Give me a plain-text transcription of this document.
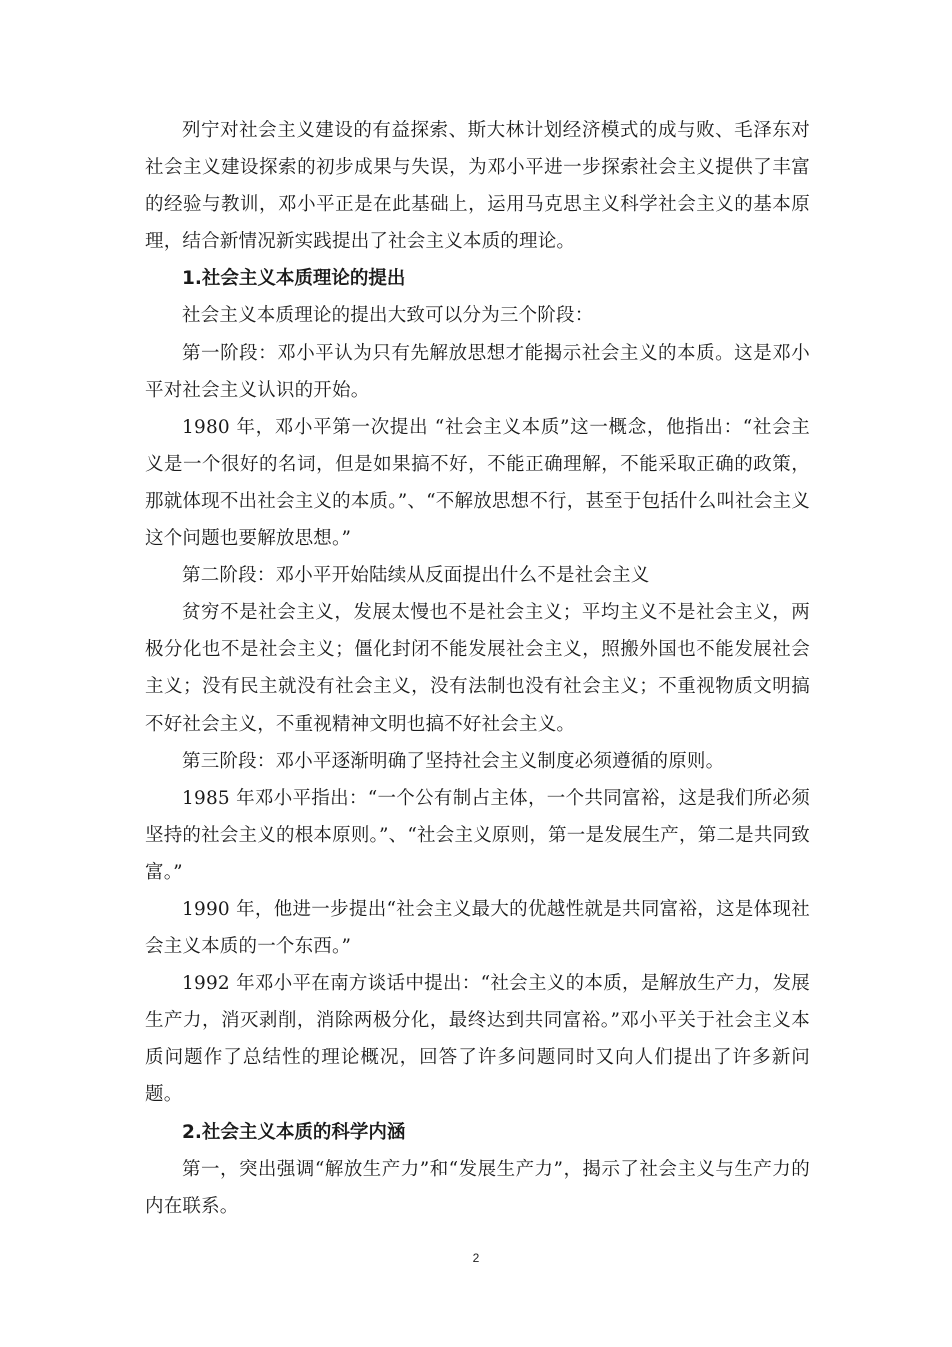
列宁对社会主义建设的有益探索、斯大林计划经济模式的成与败、毛泽东对社会主义建设探索的初步成果与失误，为邓小平进一步探索社会主义提供了丰富的经验与教训，邓小平正是在此基础上，运用马克思主义科学社会主义的基本原理，结合新情况新实践提出了社会主义本质的理论。

1.社会主义本质理论的提出

社会主义本质理论的提出大致可以分为三个阶段：

第一阶段：邓小平认为只有先解放思想才能揭示社会主义的本质。这是邓小平对社会主义认识的开始。

1980 年，邓小平第一次提出 “社会主义本质”这一概念，他指出：“社会主义是一个很好的名词，但是如果搞不好，不能正确理解，不能采取正确的政策，那就体现不出社会主义的本质。”、“不解放思想不行，甚至于包括什么叫社会主义这个问题也要解放思想。”

第二阶段：邓小平开始陆续从反面提出什么不是社会主义

贫穷不是社会主义，发展太慢也不是社会主义；平均主义不是社会主义，两极分化也不是社会主义；僵化封闭不能发展社会主义，照搬外国也不能发展社会主义；没有民主就没有社会主义，没有法制也没有社会主义；不重视物质文明搞不好社会主义，不重视精神文明也搞不好社会主义。

第三阶段：邓小平逐渐明确了坚持社会主义制度必须遵循的原则。

1985 年邓小平指出：“一个公有制占主体，一个共同富裕，这是我们所必须坚持的社会主义的根本原则。”、“社会主义原则，第一是发展生产，第二是共同致富。”

1990 年，他进一步提出“社会主义最大的优越性就是共同富裕，这是体现社会主义本质的一个东西。”

1992 年邓小平在南方谈话中提出：“社会主义的本质，是解放生产力，发展生产力，消灭剥削，消除两极分化，最终达到共同富裕。”邓小平关于社会主义本质问题作了总结性的理论概况，回答了许多问题同时又向人们提出了许多新问题。

2.社会主义本质的科学内涵

第一，突出强调“解放生产力”和“发展生产力”，揭示了社会主义与生产力的内在联系。

2
